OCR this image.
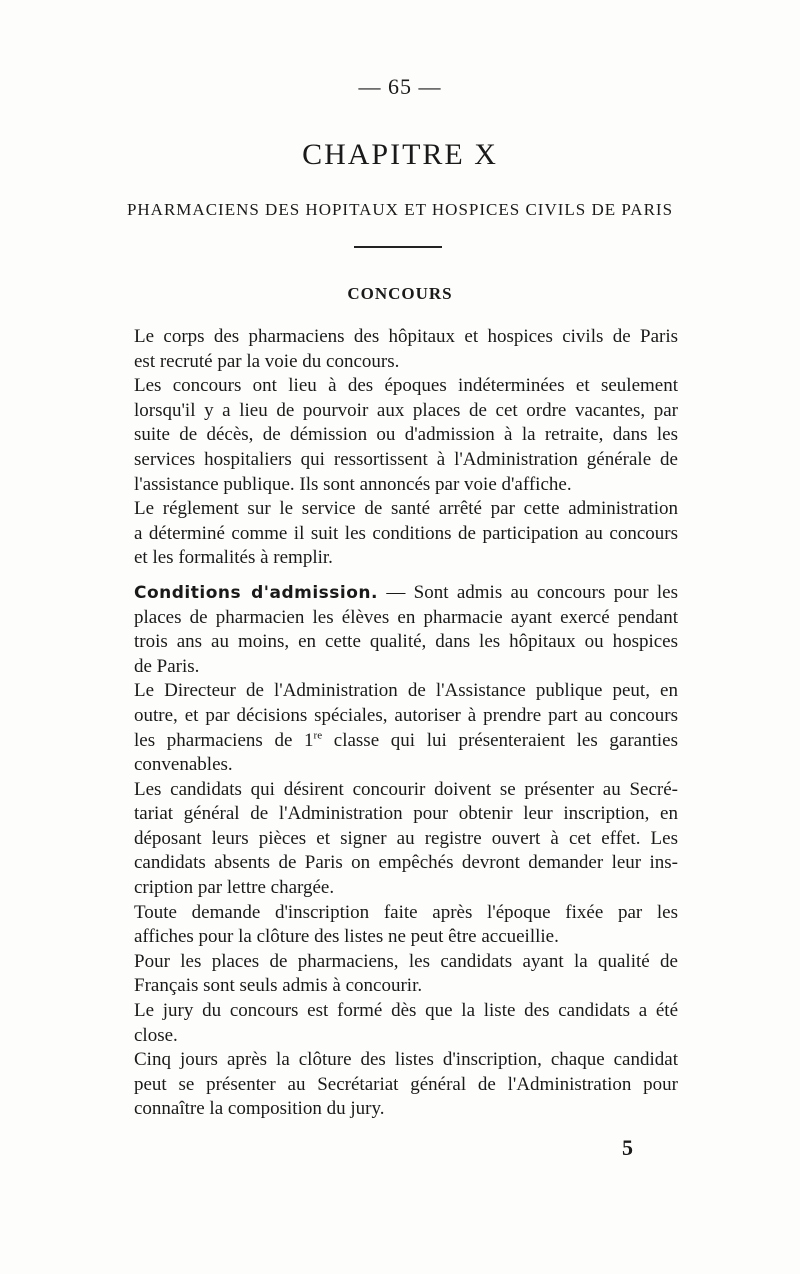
— 65 —
CHAPITRE X
PHARMACIENS DES HOPITAUX ET HOSPICES CIVILS DE PARIS
CONCOURS
Le corps des pharmaciens des hôpitaux et hospices civils de Paris
est recruté par la voie du concours.
Les concours ont lieu à des époques indéterminées et seulement
lorsqu'il y a lieu de pourvoir aux places de cet ordre vacantes, par
suite de décès, de démission ou d'admission à la retraite, dans les
services hospitaliers qui ressortissent à l'Administration générale de
l'assistance publique. Ils sont annoncés par voie d'affiche.
Le réglement sur le service de santé arrêté par cette administration
a déterminé comme il suit les conditions de participation au concours
et les formalités à remplir.
Conditions d'admission. — Sont admis au concours pour les
places de pharmacien les élèves en pharmacie ayant exercé pendant
trois ans au moins, en cette qualité, dans les hôpitaux ou hospices
de Paris.
Le Directeur de l'Administration de l'Assistance publique peut, en
outre, et par décisions spéciales, autoriser à prendre part au concours
les pharmaciens de 1re classe qui lui présenteraient les garanties
convenables.
Les candidats qui désirent concourir doivent se présenter au Secré-
tariat général de l'Administration pour obtenir leur inscription, en
déposant leurs pièces et signer au registre ouvert à cet effet. Les
candidats absents de Paris on empêchés devront demander leur ins-
cription par lettre chargée.
Toute demande d'inscription faite après l'époque fixée par les
affiches pour la clôture des listes ne peut être accueillie.
Pour les places de pharmaciens, les candidats ayant la qualité de
Français sont seuls admis à concourir.
Le jury du concours est formé dès que la liste des candidats a été
close.
Cinq jours après la clôture des listes d'inscription, chaque candidat
peut se présenter au Secrétariat général de l'Administration pour
connaître la composition du jury.
5
